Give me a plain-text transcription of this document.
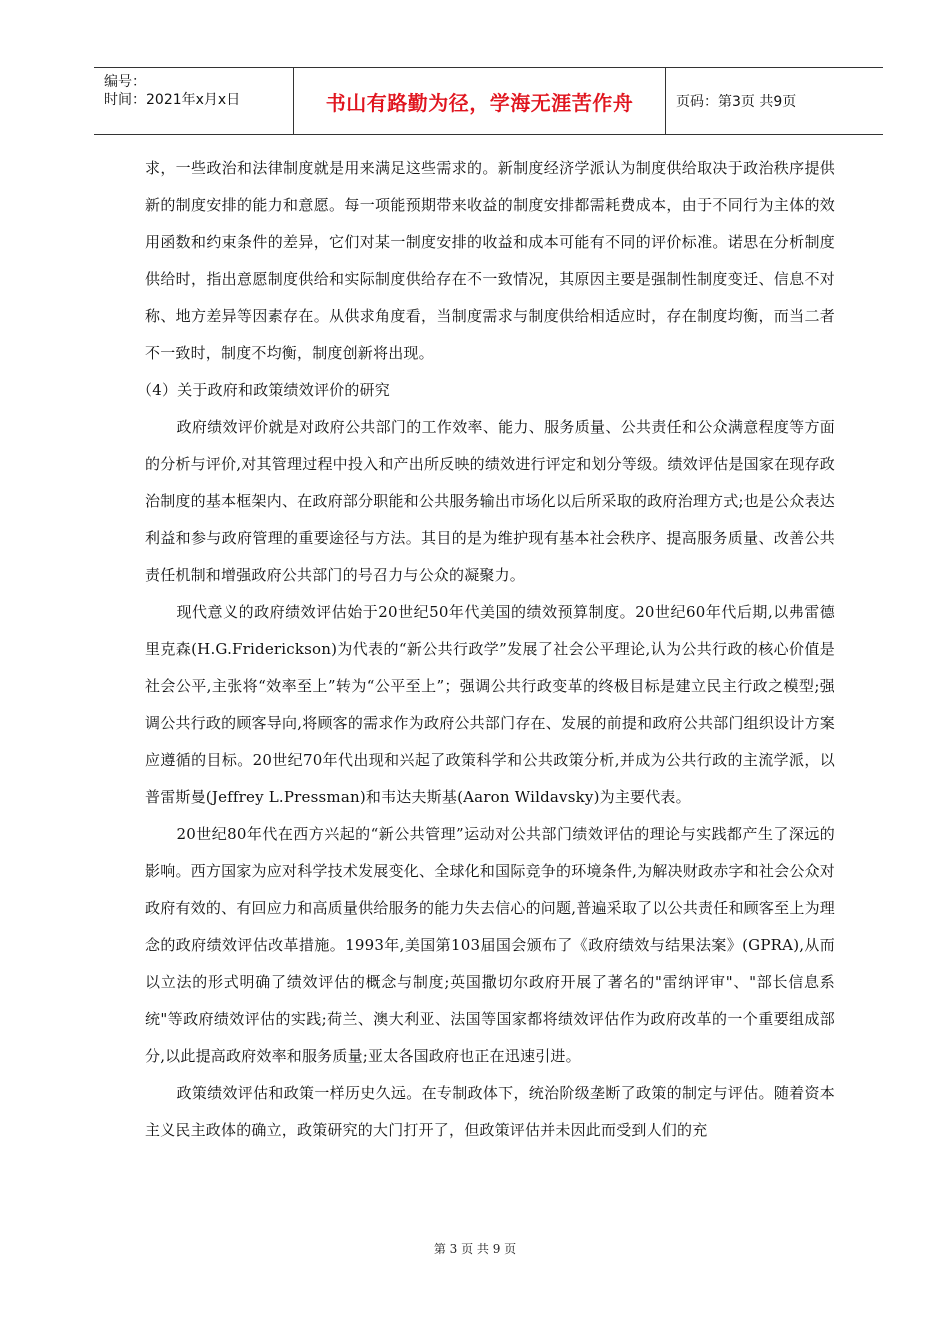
编号：
时间：2021年x月x日	书山有路勤为径，学海无涯苦作舟	页码：第3页 共9页

求，一些政治和法律制度就是用来满足这些需求的。新制度经济学派认为制度供给取决于政治秩序提供新的制度安排的能力和意愿。每一项能预期带来收益的制度安排都需耗费成本，由于不同行为主体的效用函数和约束条件的差异，它们对某一制度安排的收益和成本可能有不同的评价标准。诺思在分析制度供给时，指出意愿制度供给和实际制度供给存在不一致情况，其原因主要是强制性制度变迁、信息不对称、地方差异等因素存在。从供求角度看，当制度需求与制度供给相适应时，存在制度均衡，而当二者不一致时，制度不均衡，制度创新将出现。

（4）关于政府和政策绩效评价的研究

政府绩效评价就是对政府公共部门的工作效率、能力、服务质量、公共责任和公众满意程度等方面的分析与评价,对其管理过程中投入和产出所反映的绩效进行评定和划分等级。绩效评估是国家在现存政治制度的基本框架内、在政府部分职能和公共服务输出市场化以后所采取的政府治理方式;也是公众表达利益和参与政府管理的重要途径与方法。其目的是为维护现有基本社会秩序、提高服务质量、改善公共责任机制和增强政府公共部门的号召力与公众的凝聚力。

现代意义的政府绩效评估始于20世纪50年代美国的绩效预算制度。20世纪60年代后期,以弗雷德里克森(H.G.Friderickson)为代表的“新公共行政学”发展了社会公平理论,认为公共行政的核心价值是社会公平,主张将“效率至上”转为“公平至上”；强调公共行政变革的终极目标是建立民主行政之模型;强调公共行政的顾客导向,将顾客的需求作为政府公共部门存在、发展的前提和政府公共部门组织设计方案应遵循的目标。20世纪70年代出现和兴起了政策科学和公共政策分析,并成为公共行政的主流学派，以普雷斯曼(Jeffrey L.Pressman)和韦达夫斯基(Aaron Wildavsky)为主要代表。

20世纪80年代在西方兴起的“新公共管理”运动对公共部门绩效评估的理论与实践都产生了深远的影响。西方国家为应对科学技术发展变化、全球化和国际竞争的环境条件,为解决财政赤字和社会公众对政府有效的、有回应力和高质量供给服务的能力失去信心的问题,普遍采取了以公共责任和顾客至上为理念的政府绩效评估改革措施。1993年,美国第103届国会颁布了《政府绩效与结果法案》(GPRA),从而以立法的形式明确了绩效评估的概念与制度;英国撒切尔政府开展了著名的"雷纳评审"、"部长信息系统"等政府绩效评估的实践;荷兰、澳大利亚、法国等国家都将绩效评估作为政府改革的一个重要组成部分,以此提高政府效率和服务质量;亚太各国政府也正在迅速引进。

政策绩效评估和政策一样历史久远。在专制政体下，统治阶级垄断了政策的制定与评估。随着资本主义民主政体的确立，政策研究的大门打开了，但政策评估并未因此而受到人们的充

第 3 页 共 9 页
